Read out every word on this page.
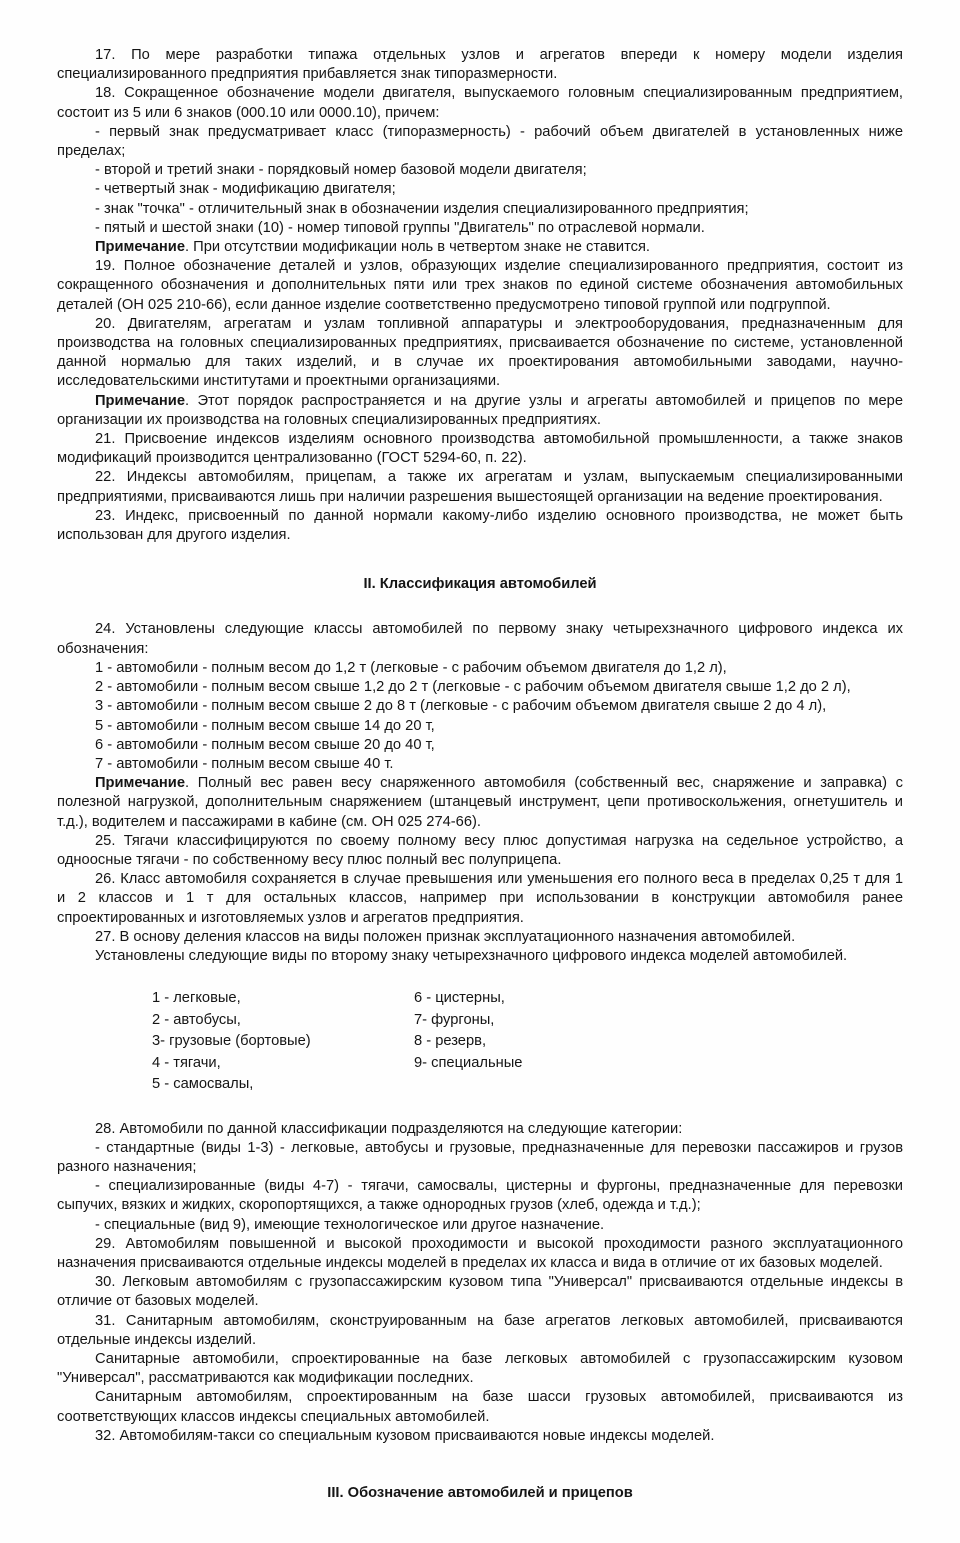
17. По мере разработки типажа отдельных узлов и агрегатов впереди к номеру модели изделия специализированного предприятия прибавляется знак типоразмерности.

18. Сокращенное обозначение модели двигателя, выпускаемого головным специализированным предприятием, состоит из 5 или 6 знаков (000.10 или 0000.10), причем:

- первый знак предусматривает класс (типоразмерность) - рабочий объем двигателей в установленных ниже пределах;

- второй и третий знаки - порядковый номер базовой модели двигателя;

- четвертый знак - модификацию двигателя;

- знак "точка" - отличительный знак в обозначении изделия специализированного предприятия;

- пятый и шестой знаки (10) - номер типовой группы "Двигатель" по отраслевой нормали.

Примечание. При отсутствии модификации ноль в четвертом знаке не ставится.

19. Полное обозначение деталей и узлов, образующих изделие специализированного предприятия, состоит из сокращенного обозначения и дополнительных пяти или трех знаков по единой системе обозначения автомобильных деталей (ОН 025 210-66), если данное изделие соответственно предусмотрено типовой группой или подгруппой.

20. Двигателям, агрегатам и узлам топливной аппаратуры и электрооборудования, предназначенным для производства на головных специализированных предприятиях, присваивается обозначение по системе, установленной данной нормалью для таких изделий, и в случае их проектирования автомобильными заводами, научно-исследовательскими институтами и проектными организациями.

Примечание. Этот порядок распространяется и на другие узлы и агрегаты автомобилей и прицепов по мере организации их производства на головных специализированных предприятиях.

21. Присвоение индексов изделиям основного производства автомобильной промышленности, а также знаков модификаций производится централизованно (ГОСТ 5294-60, п. 22).

22. Индексы автомобилям, прицепам, а также их агрегатам и узлам, выпускаемым специализированными предприятиями, присваиваются лишь при наличии разрешения вышестоящей организации на ведение проектирования.

23. Индекс, присвоенный по данной нормали какому-либо изделию основного производства, не может быть использован для другого изделия.

II. Классификация автомобилей

24. Установлены следующие классы автомобилей по первому знаку четырехзначного цифрового индекса их обозначения:

1 - автомобили - полным весом до 1,2 т (легковые - с рабочим объемом двигателя до 1,2 л),

2 - автомобили - полным весом свыше 1,2 до 2 т (легковые - с рабочим объемом двигателя свыше 1,2 до 2 л),

3 - автомобили - полным весом свыше 2 до 8 т (легковые - с рабочим объемом двигателя свыше 2 до 4 л),

5 - автомобили - полным весом свыше 14 до 20 т,

6 - автомобили - полным весом свыше 20 до 40 т,

7 - автомобили - полным весом свыше 40 т.

Примечание. Полный вес равен весу снаряженного автомобиля (собственный вес, снаряжение и заправка) с полезной нагрузкой, дополнительным снаряжением (штанцевый инструмент, цепи противоскольжения, огнетушитель и т.д.), водителем и пассажирами в кабине (см. ОН 025 274-66).

25. Тягачи классифицируются по своему полному весу плюс допустимая нагрузка на седельное устройство, а одноосные тягачи - по собственному весу плюс полный вес полуприцепа.

26. Класс автомобиля сохраняется в случае превышения или уменьшения его полного веса в пределах 0,25 т для 1 и 2 классов и 1 т для остальных классов, например при использовании в конструкции автомобиля ранее спроектированных и изготовляемых узлов и агрегатов предприятия.

27. В основу деления классов на виды положен признак эксплуатационного назначения автомобилей.

Установлены следующие виды по второму знаку четырехзначного цифрового индекса моделей автомобилей.

1 - легковые,
2 - автобусы,
3- грузовые (бортовые)
4 - тягачи,
5 - самосвалы,
6 - цистерны,
7- фургоны,
8 - резерв,
9- специальные

28. Автомобили по данной классификации подразделяются на следующие категории:

- стандартные (виды 1-3) - легковые, автобусы и грузовые, предназначенные для перевозки пассажиров и грузов разного назначения;

- специализированные (виды 4-7) - тягачи, самосвалы, цистерны и фургоны, предназначенные для перевозки сыпучих, вязких и жидких, скоропортящихся, а также однородных грузов (хлеб, одежда и т.д.);

- специальные (вид 9), имеющие технологическое или другое назначение.

29. Автомобилям повышенной и высокой проходимости и высокой проходимости разного эксплуатационного назначения присваиваются отдельные индексы моделей в пределах их класса и вида в отличие от их базовых моделей.

30. Легковым автомобилям с грузопассажирским кузовом типа "Универсал" присваиваются отдельные индексы в отличие от базовых моделей.

31. Санитарным автомобилям, сконструированным на базе агрегатов легковых автомобилей, присваиваются отдельные индексы изделий.

Санитарные автомобили, спроектированные на базе легковых автомобилей с грузопассажирским кузовом "Универсал", рассматриваются как модификации последних.

Санитарным автомобилям, спроектированным на базе шасси грузовых автомобилей, присваиваются из соответствующих классов индексы специальных автомобилей.

32. Автомобилям-такси со специальным кузовом присваиваются новые индексы моделей.

III. Обозначение автомобилей и прицепов
